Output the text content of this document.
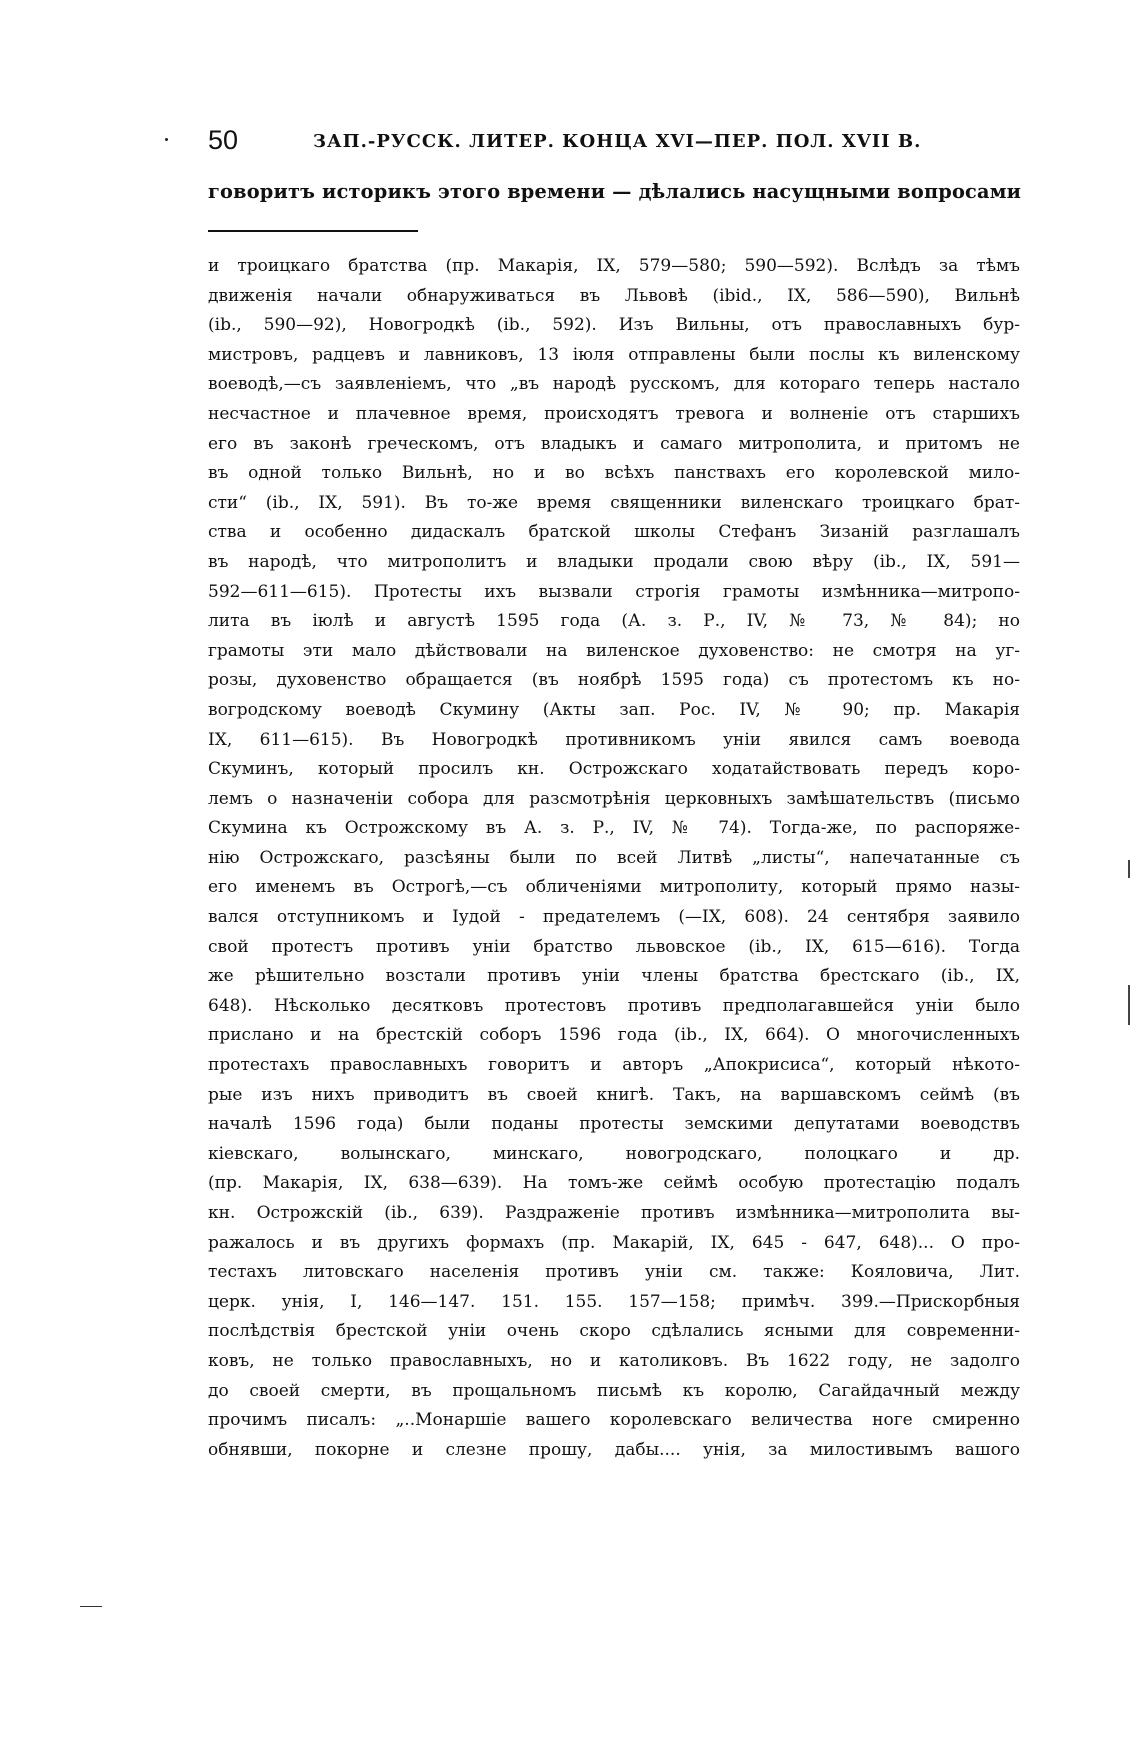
50	ЗАП.-РУССК. ЛИТЕР. КОНЦА XVI—ПЕР. ПОЛ. XVII В.
говоритъ историкъ этого времени — дѣлались насущными вопросами
и троицкаго братства (пр. Макарія, IX, 579—580; 590—592). Вслѣдъ за тѣмъ
движенія начали обнаруживаться въ Львовѣ (ibid., IX, 586—590), Вильнѣ
(ib., 590—92), Новогродкѣ (ib., 592). Изъ Вильны, отъ православныхъ бур-
мистровъ, радцевъ и лавниковъ, 13 іюля отправлены были послы къ виленскому
воеводѣ,—съ заявленіемъ, что „въ народѣ русскомъ, для котораго теперь настало
несчастное и плачевное время, происходятъ тревога и волненіе отъ старшихъ
его въ законѣ греческомъ, отъ владыкъ и самаго митрополита, и притомъ не
въ одной только Вильнѣ, но и во всѣхъ панствахъ его королевской мило-
сти“ (ib., IX, 591). Въ то-же время священники виленскаго троицкаго брат-
ства и особенно дидаскалъ братской школы Стефанъ Зизаній разглашалъ
въ народѣ, что митрополитъ и владыки продали свою вѣру (ib., IX, 591—
592—611—615). Протесты ихъ вызвали строгія грамоты измѣнника—митропо-
лита въ іюлѣ и августѣ 1595 года (А. з. Р., IV, № 73, № 84); но
грамоты эти мало дѣйствовали на виленское духовенство: не смотря на уг-
розы, духовенство обращается (въ ноябрѣ 1595 года) съ протестомъ къ но-
вогродскому воеводѣ Скумину (Акты зап. Рос. IV, № 90; пр. Макарія
IX, 611—615). Въ Новогродкѣ противникомъ уніи явился самъ воевода
Скуминъ, который просилъ кн. Острожскаго ходатайствовать передъ коро-
лемъ о назначеніи собора для разсмотрѣнія церковныхъ замѣшательствъ (письмо
Скумина къ Острожскому въ А. з. Р., IV, № 74). Тогда-же, по распоряже-
нію Острожскаго, разсѣяны были по всей Литвѣ „листы“, напечатанные съ
его именемъ въ Острогѣ,—съ обличеніями митрополиту, который прямо назы-
вался отступникомъ и Іудой - предателемъ (—IX, 608). 24 сентября заявило
свой протестъ противъ уніи братство львовское (ib., IX, 615—616). Тогда
же рѣшительно возстали противъ уніи члены братства брестскаго (ib., IX,
648). Нѣсколько десятковъ протестовъ противъ предполагавшейся уніи было
прислано и на брестскій соборъ 1596 года (ib., IX, 664). О многочисленныхъ
протестахъ православныхъ говоритъ и авторъ „Апокрисиса“, который нѣкото-
рые изъ нихъ приводитъ въ своей книгѣ. Такъ, на варшавскомъ сеймѣ (въ
началѣ 1596 года) были поданы протесты земскими депутатами воеводствъ
кіевскаго, волынскаго, минскаго, новогродскаго, полоцкаго и др.
(пр. Макарія, IX, 638—639). На томъ-же сеймѣ особую протестацію подалъ
кн. Острожскій (ib., 639). Раздраженіе противъ измѣнника—митрополита вы-
ражалось и въ другихъ формахъ (пр. Макарій, IX, 645 - 647, 648)... О про-
тестахъ литовскаго населенія противъ уніи см. также: Кояловича, Лит.
церк. унія, I, 146—147. 151. 155. 157—158; примѣч. 399.—Прискорбныя
послѣдствія брестской уніи очень скоро сдѣлались ясными для современни-
ковъ, не только православныхъ, но и католиковъ. Въ 1622 году, не задолго
до своей смерти, въ прощальномъ письмѣ къ королю, Сагайдачный между
прочимъ писалъ: „..Монаршіе вашего королевскаго величества ноге смиренно
обнявши, покорне и слезне прошу, дабы.... унія, за милостивымъ вашого
